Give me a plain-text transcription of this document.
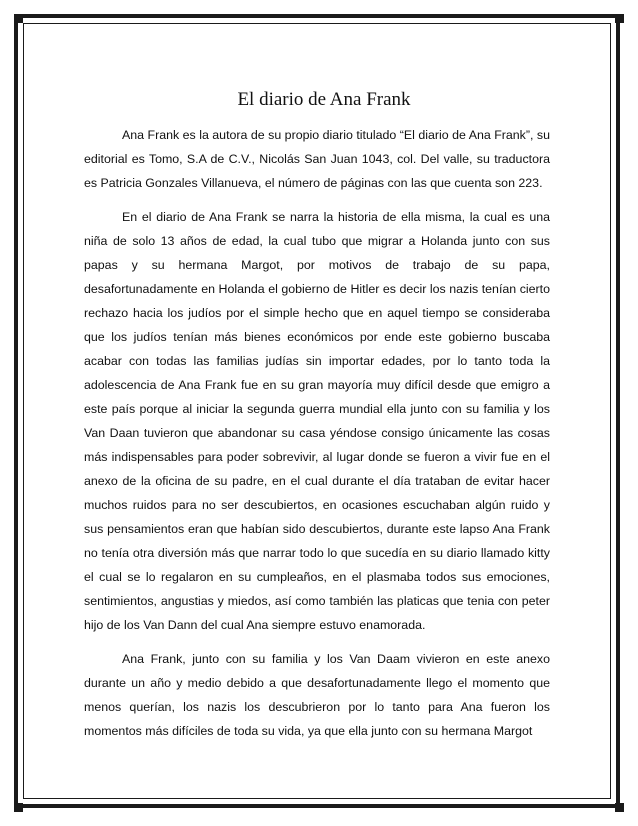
El diario de Ana Frank

Ana Frank es la autora de su propio diario titulado “El diario de Ana Frank”, su editorial es Tomo, S.A de C.V., Nicolás San Juan 1043, col. Del valle, su traductora es Patricia Gonzales Villanueva, el número de páginas con las que cuenta son 223.

En el diario de Ana Frank se narra la historia de ella misma, la cual es una niña de solo 13 años de edad, la cual tubo que migrar a Holanda junto con sus papas y su hermana Margot, por motivos de trabajo de su papa, desafortunadamente en Holanda el gobierno de Hitler es decir los nazis tenían cierto rechazo hacia los judíos por el simple hecho que en aquel tiempo se consideraba que los judíos tenían más bienes económicos por ende este gobierno buscaba acabar con todas las familias judías sin importar edades, por lo tanto toda la adolescencia de Ana Frank fue en su gran mayoría muy difícil desde que emigro a este país porque al iniciar la segunda guerra mundial ella junto con su familia y los Van Daan tuvieron que abandonar su casa yéndose consigo únicamente las cosas más indispensables para poder sobrevivir, al lugar donde se fueron a vivir fue en el anexo de la oficina de su padre, en el cual durante el día trataban de evitar hacer muchos ruidos para no ser descubiertos, en ocasiones escuchaban algún ruido y sus pensamientos eran que habían sido descubiertos, durante este lapso Ana Frank no tenía otra diversión más que narrar todo lo que sucedía en su diario llamado kitty el cual se lo regalaron en su cumpleaños, en el plasmaba todos sus emociones, sentimientos, angustias y miedos, así como también las platicas que tenia con peter hijo de los Van Dann del cual Ana siempre estuvo enamorada.

Ana Frank, junto con su familia y los Van Daam vivieron en este anexo durante un año y medio debido a que desafortunadamente llego el momento que menos querían, los nazis los descubrieron por lo tanto para Ana fueron los momentos más difíciles de toda su vida, ya que ella junto con su hermana Margot
